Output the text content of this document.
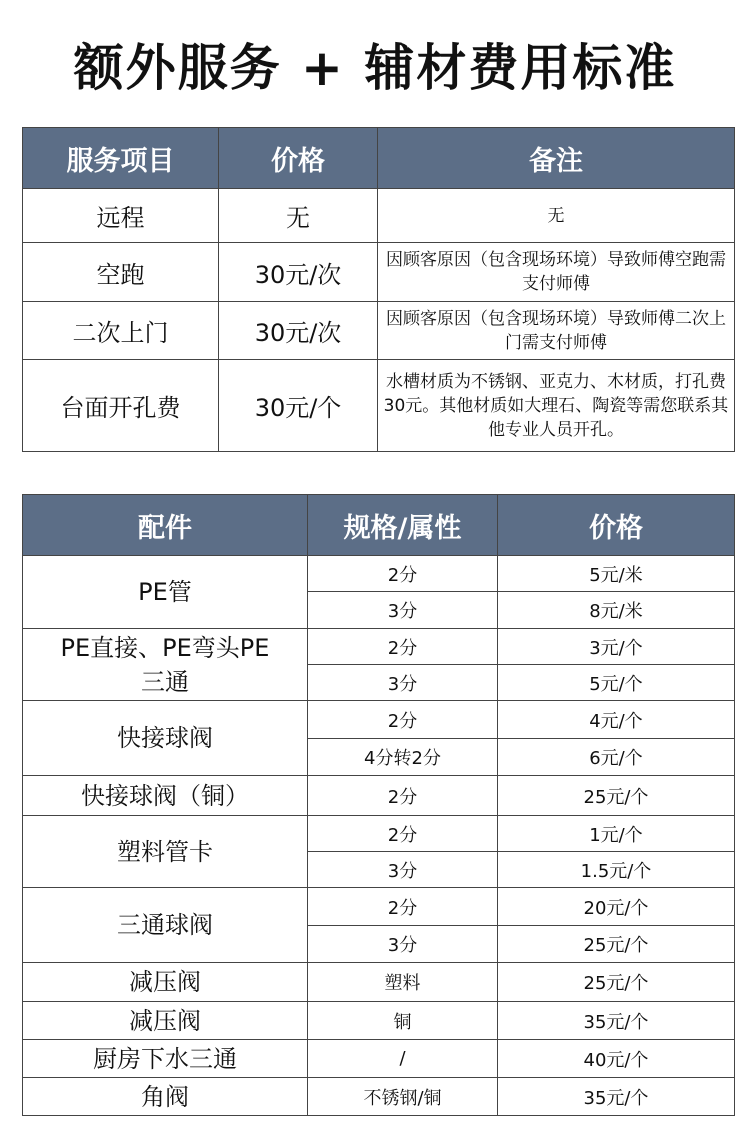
额外服务 + 辅材费用标准
服务项目	价格	备注
远程	无	无
空跑	30元/次	因顾客原因（包含现场环境）导致师傅空跑需支付师傅
二次上门	30元/次	因顾客原因（包含现场环境）导致师傅二次上门需支付师傅
台面开孔费	30元/个	水槽材质为不锈钢、亚克力、木材质，打孔费30元。其他材质如大理石、陶瓷等需您联系其他专业人员开孔。
配件	规格/属性	价格
PE管	2分	5元/米
	3分	8元/米

PE直接、PE弯头PE三通	2分	3元/个
	3分	5元/个
快接球阀	2分	4元/个
	4分转2分	6元/个
快接球阀（铜）	2分	25元/个
塑料管卡	2分	1元/个
	3分	1.5元/个
三通球阀	2分	20元/个
	3分	25元/个
减压阀	塑料	25元/个
减压阀	铜	35元/个
厨房下水三通	/	40元/个
角阀	不锈钢/铜	35元/个
